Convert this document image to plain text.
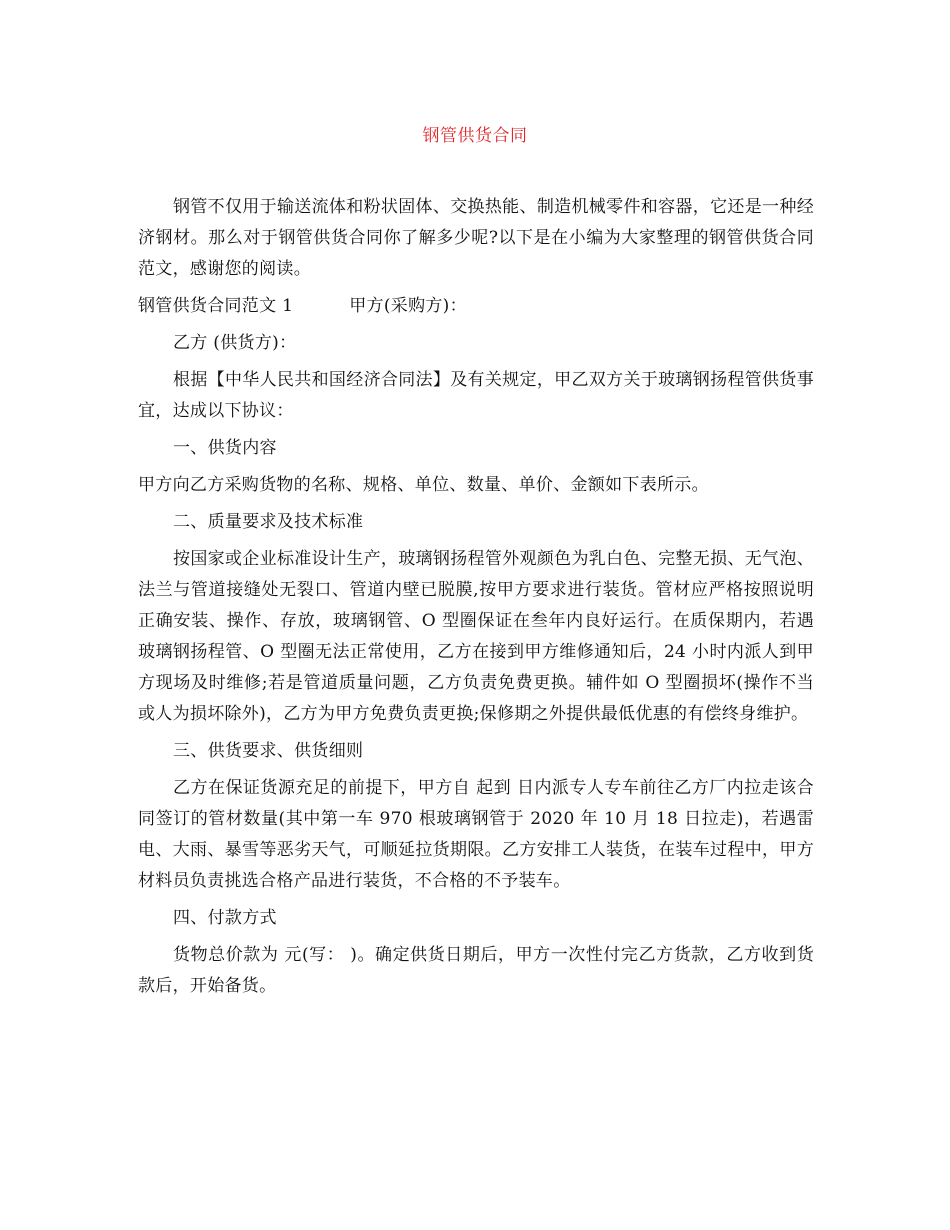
钢管供货合同

钢管不仅用于输送流体和粉状固体、交换热能、制造机械零件和容器，它还是一种经济钢材。那么对于钢管供货合同你了解多少呢?以下是在小编为大家整理的钢管供货合同范文，感谢您的阅读。

钢管供货合同范文 1	甲方(采购方)：

乙方 (供货方)：

根据【中华人民共和国经济合同法】及有关规定，甲乙双方关于玻璃钢扬程管供货事宜，达成以下协议：

一、供货内容

甲方向乙方采购货物的名称、规格、单位、数量、单价、金额如下表所示。

二、质量要求及技术标准

按国家或企业标准设计生产，玻璃钢扬程管外观颜色为乳白色、完整无损、无气泡、法兰与管道接缝处无裂口、管道内壁已脱膜,按甲方要求进行装货。管材应严格按照说明正确安装、操作、存放，玻璃钢管、O 型圈保证在叁年内良好运行。在质保期内，若遇玻璃钢扬程管、O 型圈无法正常使用，乙方在接到甲方维修通知后，24 小时内派人到甲方现场及时维修;若是管道质量问题，乙方负责免费更换。辅件如 O 型圈损坏(操作不当或人为损坏除外)，乙方为甲方免费负责更换;保修期之外提供最低优惠的有偿终身维护。

三、供货要求、供货细则

乙方在保证货源充足的前提下，甲方自 起到 日内派专人专车前往乙方厂内拉走该合同签订的管材数量(其中第一车 970 根玻璃钢管于 2020 年 10 月 18 日拉走)，若遇雷电、大雨、暴雪等恶劣天气，可顺延拉货期限。乙方安排工人装货，在装车过程中，甲方材料员负责挑选合格产品进行装货，不合格的不予装车。

四、付款方式

货物总价款为 元(写： )。确定供货日期后，甲方一次性付完乙方货款，乙方收到货款后，开始备货。
